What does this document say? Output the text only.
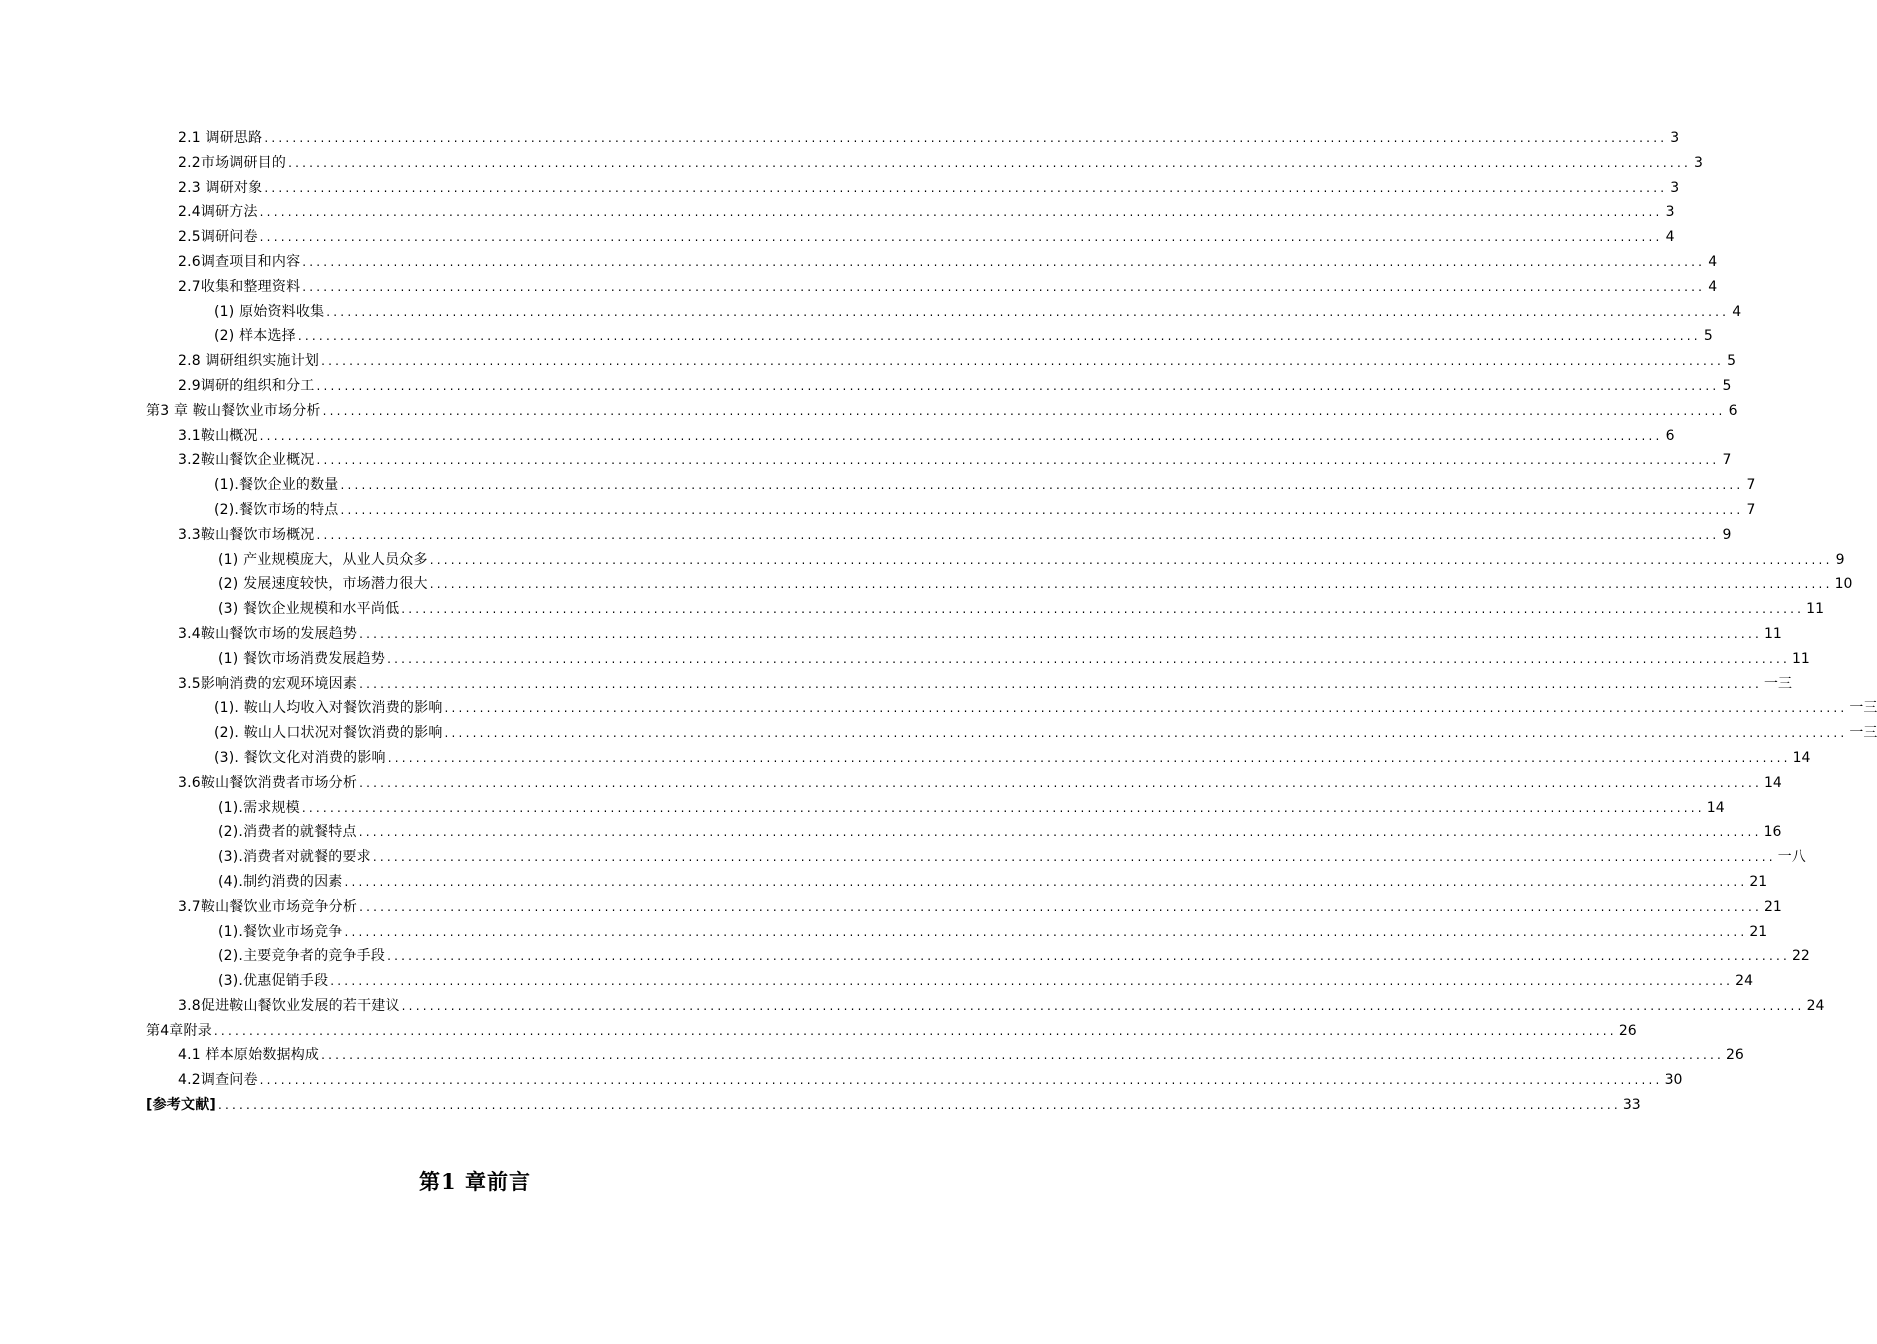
2.1 调研思路 ........................................................................................................................................................................................................ 3
2.2市场调研目的 ........................................................................................................................................................................................................ 3
2.3 调研对象 ........................................................................................................................................................................................................ 3
2.4调研方法 ........................................................................................................................................................................................................ 3
2.5调研问卷 ........................................................................................................................................................................................................ 4
2.6调查项目和内容 ........................................................................................................................................................................................................ 4
2.7收集和整理资料 ........................................................................................................................................................................................................ 4
(1) 原始资料收集 ........................................................................................................................................................................................................ 4
(2) 样本选择 ........................................................................................................................................................................................................ 5
2.8 调研组织实施计划 ........................................................................................................................................................................................................ 5
2.9调研的组织和分工 ........................................................................................................................................................................................................ 5
第3 章 鞍山餐饮业市场分析 ........................................................................................................................................................................................................ 6
3.1鞍山概况 ........................................................................................................................................................................................................ 6
3.2鞍山餐饮企业概况 ........................................................................................................................................................................................................ 7
(1).餐饮企业的数量 ........................................................................................................................................................................................................ 7
(2).餐饮市场的特点 ........................................................................................................................................................................................................ 7
3.3鞍山餐饮市场概况 ........................................................................................................................................................................................................ 9
(1) 产业规模庞大，从业人员众多 ........................................................................................................................................................................................................ 9
(2) 发展速度较快，市场潜力很大 ........................................................................................................................................................................................................ 10
(3) 餐饮企业规模和水平尚低 ........................................................................................................................................................................................................ 11
3.4鞍山餐饮市场的发展趋势 ........................................................................................................................................................................................................ 11
(1) 餐饮市场消费发展趋势 ........................................................................................................................................................................................................ 11
3.5影响消费的宏观环境因素 ........................................................................................................................................................................................................ 一三
(1). 鞍山人均收入对餐饮消费的影响 ........................................................................................................................................................................................................ 一三
(2). 鞍山人口状况对餐饮消费的影响 ........................................................................................................................................................................................................ 一三
(3). 餐饮文化对消费的影响 ........................................................................................................................................................................................................ 14
3.6鞍山餐饮消费者市场分析 ........................................................................................................................................................................................................ 14
(1).需求规模 ........................................................................................................................................................................................................ 14
(2).消费者的就餐特点 ........................................................................................................................................................................................................ 16
(3).消费者对就餐的要求 ........................................................................................................................................................................................................ 一八
(4).制约消费的因素 ........................................................................................................................................................................................................ 21
3.7鞍山餐饮业市场竞争分析 ........................................................................................................................................................................................................ 21
(1).餐饮业市场竞争 ........................................................................................................................................................................................................ 21
(2).主要竞争者的竞争手段 ........................................................................................................................................................................................................ 22
(3).优惠促销手段 ........................................................................................................................................................................................................ 24
3.8促进鞍山餐饮业发展的若干建议 ........................................................................................................................................................................................................ 24
第4章附录 ........................................................................................................................................................................................................ 26
4.1 样本原始数据构成 ........................................................................................................................................................................................................ 26
4.2调查问卷 ........................................................................................................................................................................................................ 30
[参考文献] ........................................................................................................................................................................................................ 33
第1 章前言
